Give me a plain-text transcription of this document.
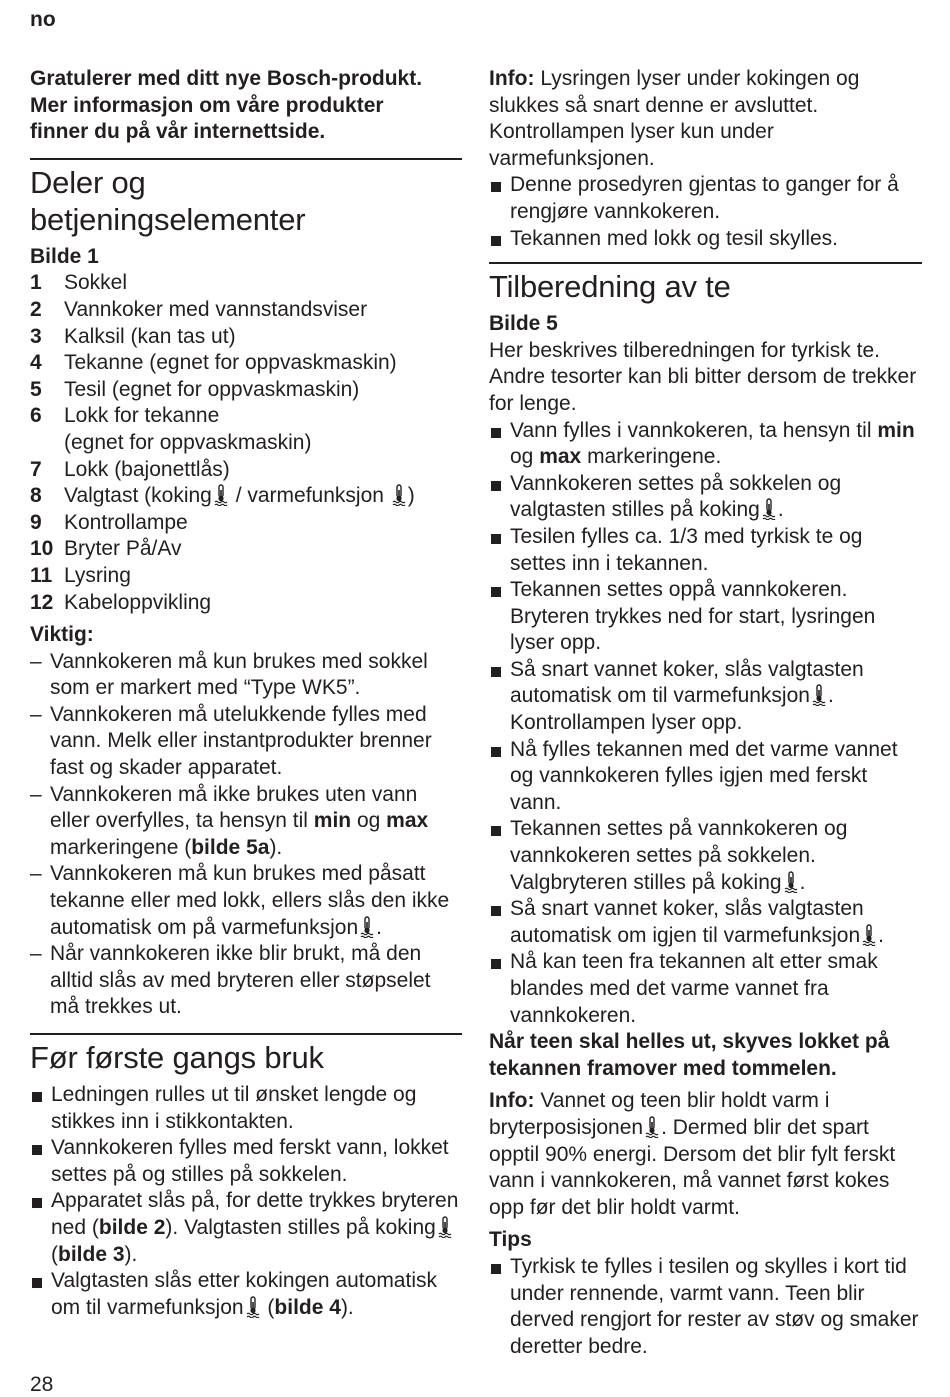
no

Gratulerer med ditt nye Bosch-produkt.
Mer informasjon om våre produkter
finner du på vår internettside.

Deler og
betjeningselementer

Bilde 1

1	Sokkel
2	Vannkoker med vannstandsviser
3	Kalksil (kan tas ut)
4	Tekanne (egnet for oppvaskmaskin)
5	Tesil (egnet for oppvaskmaskin)
6	Lokk for tekanne
(egnet for oppvaskmaskin)
7	Lokk (bajonettlås)
8	Valgtast (koking / varmefunksjon )
9	Kontrollampe
10 Bryter På/Av
11 Lysring
12 Kabeloppvikling

Viktig:

– Vannkokeren må kun brukes med sokkel som er markert med “Type WK5”.
– Vannkokeren må utelukkende fylles med vann. Melk eller instantprodukter brenner fast og skader apparatet.
– Vannkokeren må ikke brukes uten vann eller overfylles, ta hensyn til min og max markeringene (bilde 5a).
– Vannkokeren må kun brukes med påsatt tekanne eller med lokk, ellers slås den ikke automatisk om på varmefunksjon .
– Når vannkokeren ikke blir brukt, må den alltid slås av med bryteren eller støpselet må trekkes ut.
Før første gangs bruk
Ledningen rulles ut til ønsket lengde og stikkes inn i stikkontakten.
Vannkokeren fylles med ferskt vann, lokket settes på og stilles på sokkelen.
Apparatet slås på, for dette trykkes bryteren ned (bilde 2). Valgtasten stilles på koking (bilde 3).
Valgtasten slås etter kokingen automatisk om til varmefunksjon (bilde 4).

Info: Lysringen lyser under kokingen og slukkes så snart denne er avsluttet. Kontrollampen lyser kun under varmefunksjonen.

Denne prosedyren gjentas to ganger for å rengjøre vannkokeren.
Tekannen med lokk og tesil skylles.
Tilberedning av te

Bilde 5

Her beskrives tilberedningen for tyrkisk te. Andre tesorter kan bli bitter dersom de trekker for lenge.

Vann fylles i vannkokeren, ta hensyn til min og max markeringene.
Vannkokeren settes på sokkelen og valgtasten stilles på koking .
Tesilen fylles ca. 1/3 med tyrkisk te og settes inn i tekannen.
Tekannen settes oppå vannkokeren. Bryteren trykkes ned for start, lysringen lyser opp.
Så snart vannet koker, slås valgtasten automatisk om til varmefunksjon . Kontrollampen lyser opp.
Nå fylles tekannen med det varme vannet og vannkokeren fylles igjen med ferskt vann.
Tekannen settes på vannkokeren og vannkokeren settes på sokkelen. Valgbryteren stilles på koking .
Så snart vannet koker, slås valgtasten automatisk om igjen til varmefunksjon .
Nå kan teen fra tekannen alt etter smak blandes med det varme vannet fra vannkokeren.

Når teen skal helles ut, skyves lokket på tekannen framover med tommelen.

Info: Vannet og teen blir holdt varm i bryterposisjonen . Dermed blir det spart opptil 90% energi. Dersom det blir fylt ferskt vann i vannkokeren, må vannet først kokes opp før det blir holdt varmt.

Tips

Tyrkisk te fylles i tesilen og skylles i kort tid under rennende, varmt vann. Teen blir derved rengjort for rester av støv og smaker deretter bedre.
28
